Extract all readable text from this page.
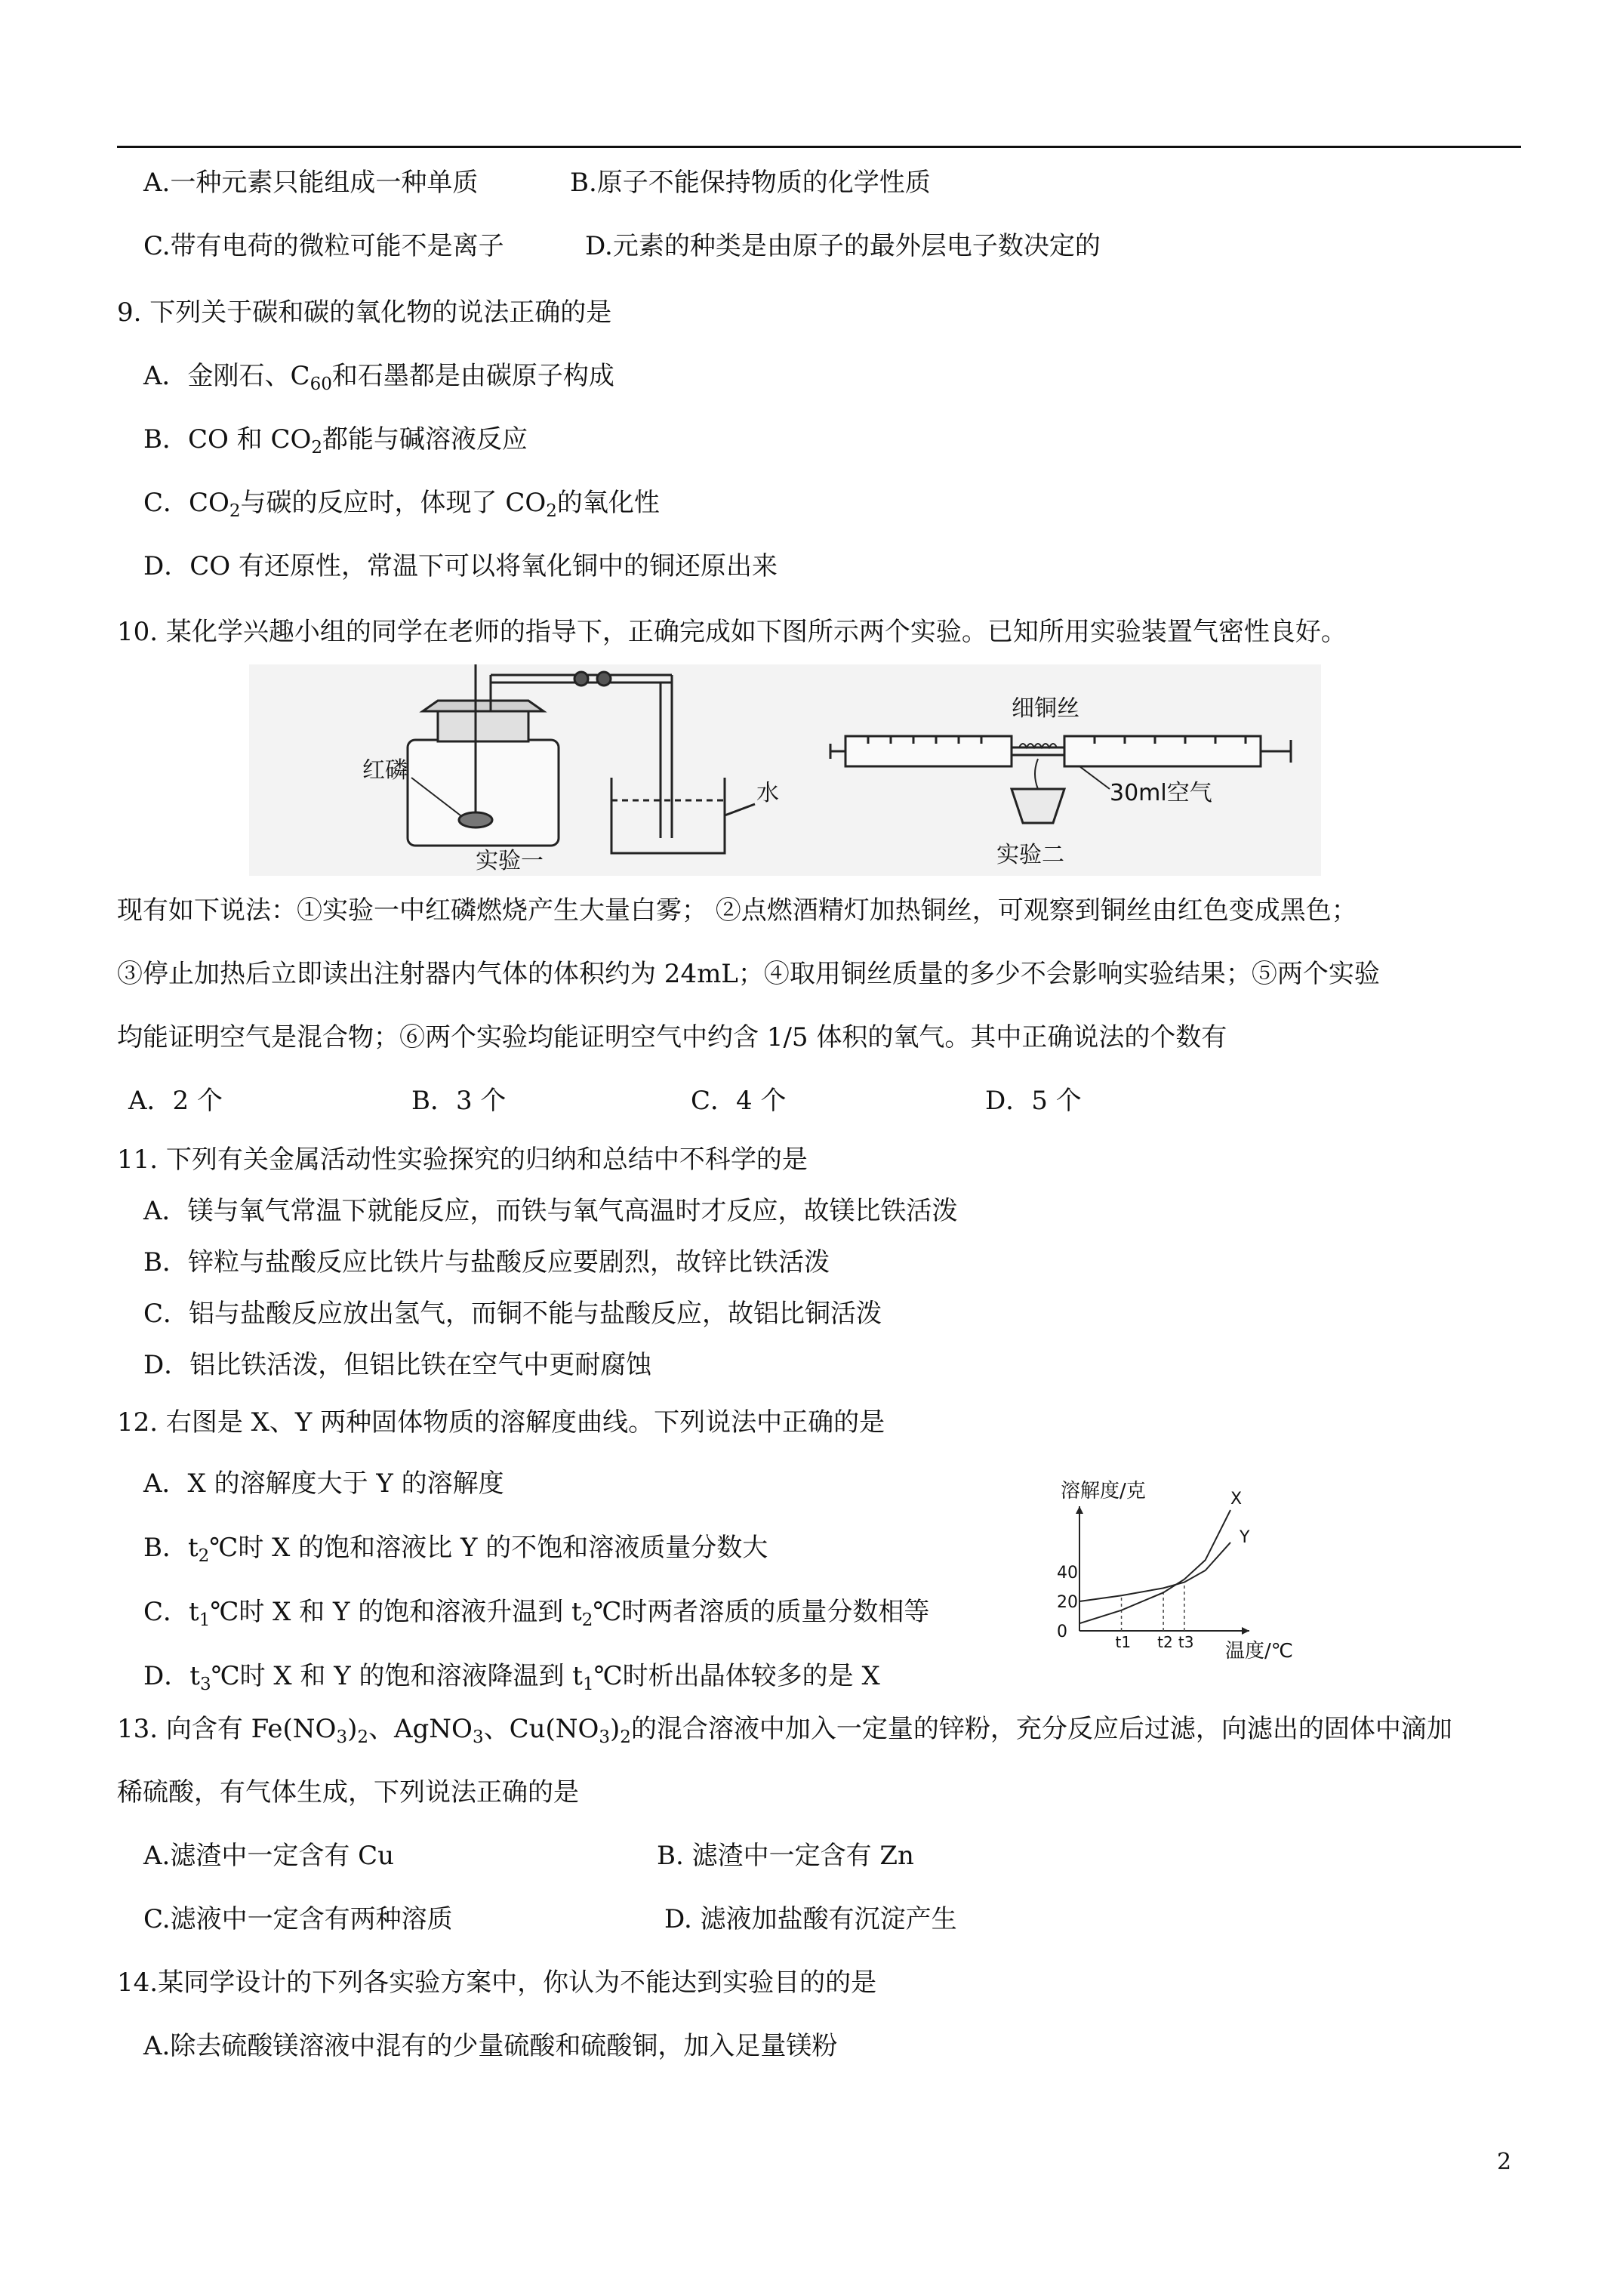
A.一种元素只能组成一种单质	B.原子不能保持物质的化学性质
C.带有电荷的微粒可能不是离子	D.元素的种类是由原子的最外层电子数决定的
9. 下列关于碳和碳的氧化物的说法正确的是
A．金刚石、$C_{60}$和石墨都是由碳原子构成
B．CO 和 $CO_2$都能与碱溶液反应
C．$CO_2$与碳的反应时，体现了 $CO_2$的氧化性
D．CO 有还原性，常温下可以将氧化铜中的铜还原出来
10. 某化学兴趣小组的同学在老师的指导下，正确完成如下图所示两个实验。已知所用实验装置气密性良好。
红磷
水
实验一
细铜丝
30ml空气
实验二
现有如下说法：①实验一中红磷燃烧产生大量白雾； ②点燃酒精灯加热铜丝，可观察到铜丝由红色变成黑色；
③停止加热后立即读出注射器内气体的体积约为 24mL；④取用铜丝质量的多少不会影响实验结果；⑤两个实验
均能证明空气是混合物；⑥两个实验均能证明空气中约含 1/5 体积的氧气。其中正确说法的个数有
A．2 个	B．3 个	C．4 个	D．5 个
11. 下列有关金属活动性实验探究的归纳和总结中不科学的是
A．镁与氧气常温下就能反应，而铁与氧气高温时才反应，故镁比铁活泼
B．锌粒与盐酸反应比铁片与盐酸反应要剧烈，故锌比铁活泼
C．铝与盐酸反应放出氢气，而铜不能与盐酸反应，故铝比铜活泼
D．铝比铁活泼，但铝比铁在空气中更耐腐蚀
12. 右图是 X、Y 两种固体物质的溶解度曲线。下列说法中正确的是
A．X 的溶解度大于 Y 的溶解度
B．$t_2℃$时 X 的饱和溶液比 Y 的不饱和溶液质量分数大
C．$t_1℃$时 X 和 Y 的饱和溶液升温到 $t_2℃$时两者溶质的质量分数相等
D．$t_3℃$时 X 和 Y 的饱和溶液降温到 $t_1℃$时析出晶体较多的是 X
溶解度/克
温度/℃
0
20
40
t1 t2 t3
X
Y
13. 向含有 $Fe(NO_3)_2$、AgNO$_3$、$Cu(NO_3)_2$的混合溶液中加入一定量的锌粉，充分反应后过滤，向滤出的固体中滴加
稀硫酸，有气体生成，下列说法正确的是
A.滤渣中一定含有 Cu	B. 滤渣中一定含有 Zn
C.滤液中一定含有两种溶质	D. 滤液加盐酸有沉淀产生
14.某同学设计的下列各实验方案中，你认为不能达到实验目的的是
A.除去硫酸镁溶液中混有的少量硫酸和硫酸铜，加入足量镁粉
2
